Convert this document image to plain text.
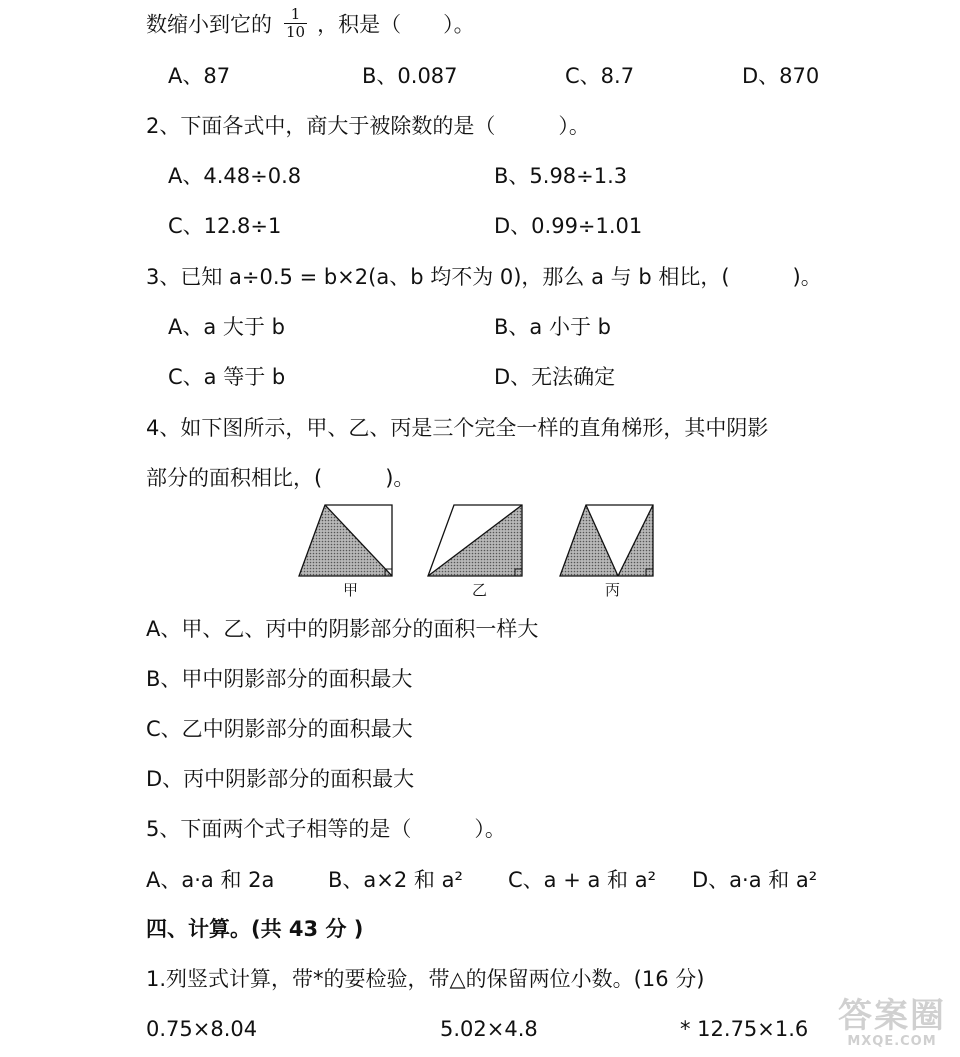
数缩小到它的 $\frac{1}{10}$ ，积是（　　）。
A、87	B、0.087	C、8.7	D、870
2、下面各式中，商大于被除数的是（　　　）。
A、4.48÷0.8	B、5.98÷1.3
C、12.8÷1	D、0.99÷1.01
3、已知 a÷0.5 = b×2(a、b 均不为 0)，那么 a 与 b 相比，(　　　)。
A、a 大于 b	B、a 小于 b
C、a 等于 b	D、无法确定
4、如下图所示，甲、乙、丙是三个完全一样的直角梯形，其中阴影
部分的面积相比，(　　　)。
甲	乙	丙
A、甲、乙、丙中的阴影部分的面积一样大
B、甲中阴影部分的面积最大
C、乙中阴影部分的面积最大
D、丙中阴影部分的面积最大
5、下面两个式子相等的是（　　　）。
A、a·a 和 2a	B、a×2 和 a² C、a + a 和 a² D、a·a 和 a²
四、计算。(共 43 分 )
1.列竖式计算，带*的要检验，带△的保留两位小数。(16 分)
0.75×8.04	5.02×4.8	* 12.75×1.6 答案圈
MXQE.COM
